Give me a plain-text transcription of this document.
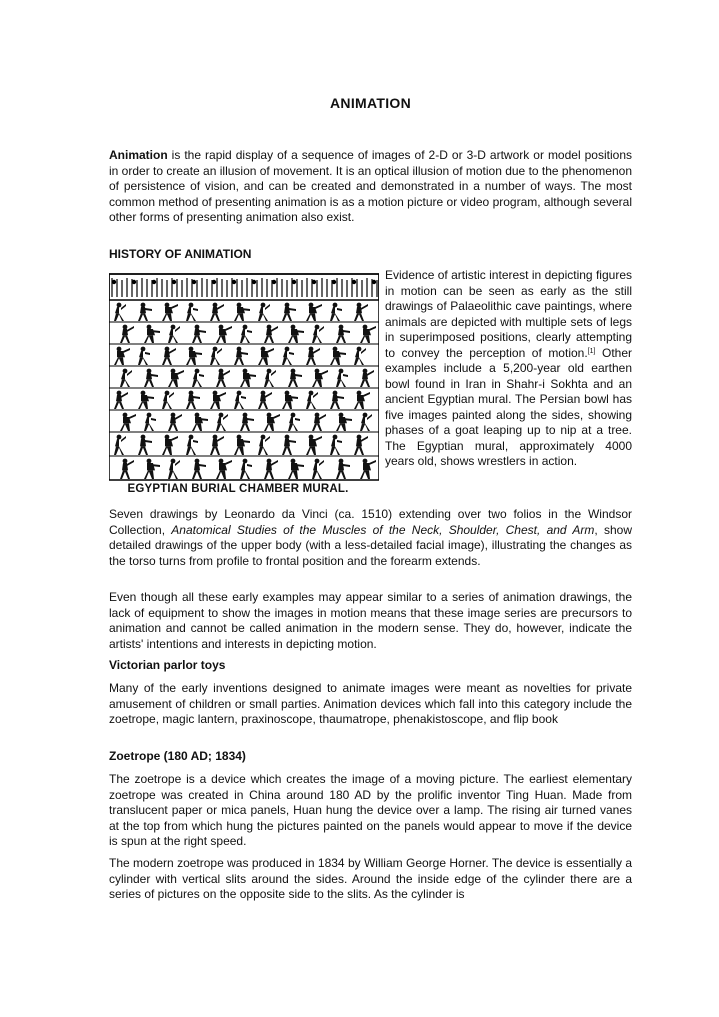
ANIMATION

Animation is the rapid display of a sequence of images of 2-D or 3-D artwork or model positions in order to create an illusion of movement. It is an optical illusion of motion due to the phenomenon of persistence of vision, and can be created and demonstrated in a number of ways. The most common method of presenting animation is as a motion picture or video program, although several other forms of presenting animation also exist.

HISTORY OF ANIMATION
EGYPTIAN BURIAL CHAMBER MURAL.

Evidence of artistic interest in depicting figures in motion can be seen as early as the still drawings of Palaeolithic cave paintings, where animals are depicted with multiple sets of legs in superimposed positions, clearly attempting to convey the perception of motion.[1] Other examples include a 5,200-year old earthen bowl found in Iran in Shahr-i Sokhta and an ancient Egyptian mural. The Persian bowl has five images painted along the sides, showing phases of a goat leaping up to nip at a tree. The Egyptian mural, approximately 4000 years old, shows wrestlers in action.

Seven drawings by Leonardo da Vinci (ca. 1510) extending over two folios in the Windsor Collection, Anatomical Studies of the Muscles of the Neck, Shoulder, Chest, and Arm, show detailed drawings of the upper body (with a less-detailed facial image), illustrating the changes as the torso turns from profile to frontal position and the forearm extends.

Even though all these early examples may appear similar to a series of animation drawings, the lack of equipment to show the images in motion means that these image series are precursors to animation and cannot be called animation in the modern sense. They do, however, indicate the artists' intentions and interests in depicting motion.

Victorian parlor toys

Many of the early inventions designed to animate images were meant as novelties for private amusement of children or small parties. Animation devices which fall into this category include the zoetrope, magic lantern, praxinoscope, thaumatrope, phenakistoscope, and flip book

Zoetrope (180 AD; 1834)

The zoetrope is a device which creates the image of a moving picture. The earliest elementary zoetrope was created in China around 180 AD by the prolific inventor Ting Huan. Made from translucent paper or mica panels, Huan hung the device over a lamp. The rising air turned vanes at the top from which hung the pictures painted on the panels would appear to move if the device is spun at the right speed.

The modern zoetrope was produced in 1834 by William George Horner. The device is essentially a cylinder with vertical slits around the sides. Around the inside edge of the cylinder there are a series of pictures on the opposite side to the slits. As the cylinder is
